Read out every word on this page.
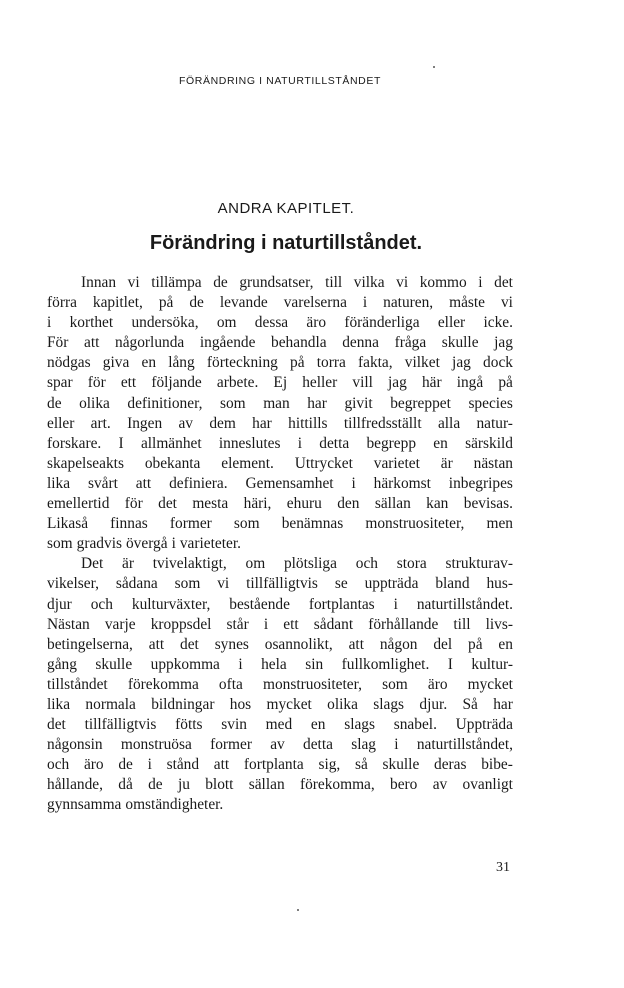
FÖRÄNDRING I NATURTILLSTÅNDET
ANDRA KAPITLET.
Förändring i naturtillståndet.
Innan vi tillämpa de grundsatser, till vilka vi kommo i det
förra kapitlet, på de levande varelserna i naturen, måste vi
i korthet undersöka, om dessa äro föränderliga eller icke.
För att någorlunda ingående behandla denna fråga skulle jag
nödgas giva en lång förteckning på torra fakta, vilket jag dock
spar för ett följande arbete. Ej heller vill jag här ingå på
de olika definitioner, som man har givit begreppet species
eller art. Ingen av dem har hittills tillfredsställt alla natur-
forskare. I allmänhet inneslutes i detta begrepp en särskild
skapelseakts obekanta element. Uttrycket varietet är nästan
lika svårt att definiera. Gemensamhet i härkomst inbegripes
emellertid för det mesta häri, ehuru den sällan kan bevisas.
Likaså finnas former som benämnas monstruositeter, men
som gradvis övergå i varieteter.
Det är tvivelaktigt, om plötsliga och stora strukturav-
vikelser, sådana som vi tillfälligtvis se uppträda bland hus-
djur och kulturväxter, bestående fortplantas i naturtillståndet.
Nästan varje kroppsdel står i ett sådant förhållande till livs-
betingelserna, att det synes osannolikt, att någon del på en
gång skulle uppkomma i hela sin fullkomlighet. I kultur-
tillståndet förekomma ofta monstruositeter, som äro mycket
lika normala bildningar hos mycket olika slags djur. Så har
det tillfälligtvis fötts svin med en slags snabel. Uppträda
någonsin monstruösa former av detta slag i naturtillståndet,
och äro de i stånd att fortplanta sig, så skulle deras bibe-
hållande, då de ju blott sällan förekomma, bero av ovanligt
gynnsamma omständigheter.
31
